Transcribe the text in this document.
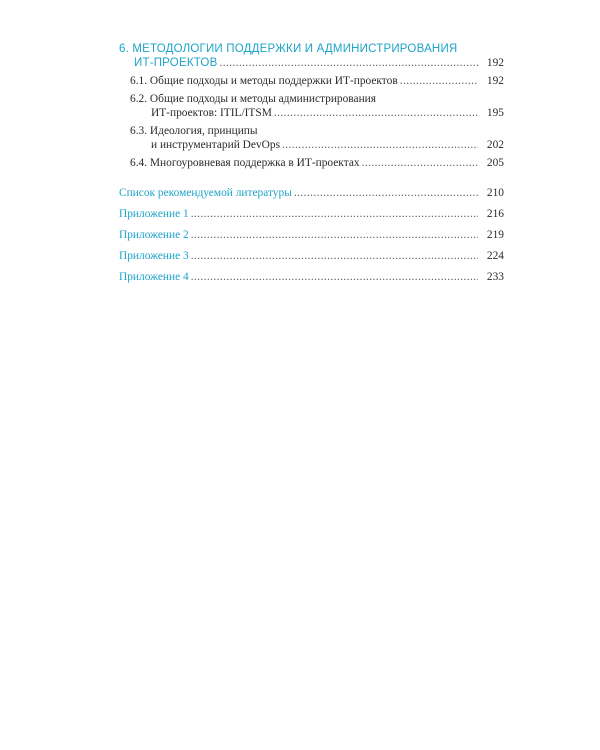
6. МЕТОДОЛОГИИ ПОДДЕРЖКИ И АДМИНИСТРИРОВАНИЯ
ИТ-ПРОЕКТОВ .....	192
6.1. Общие подходы и методы поддержки ИТ-проектов .....	192
6.2. Общие подходы и методы администрирования
ИТ-проектов: ITIL/ITSM .....	195
6.3. Идеология, принципы
и инструментарий DevOps .....	202
6.4. Многоуровневая поддержка в ИТ-проектах .....	205
Список рекомендуемой литературы .....	210
Приложение 1 .....	216
Приложение 2 .....	219
Приложение 3 .....	224
Приложение 4 .....	233
